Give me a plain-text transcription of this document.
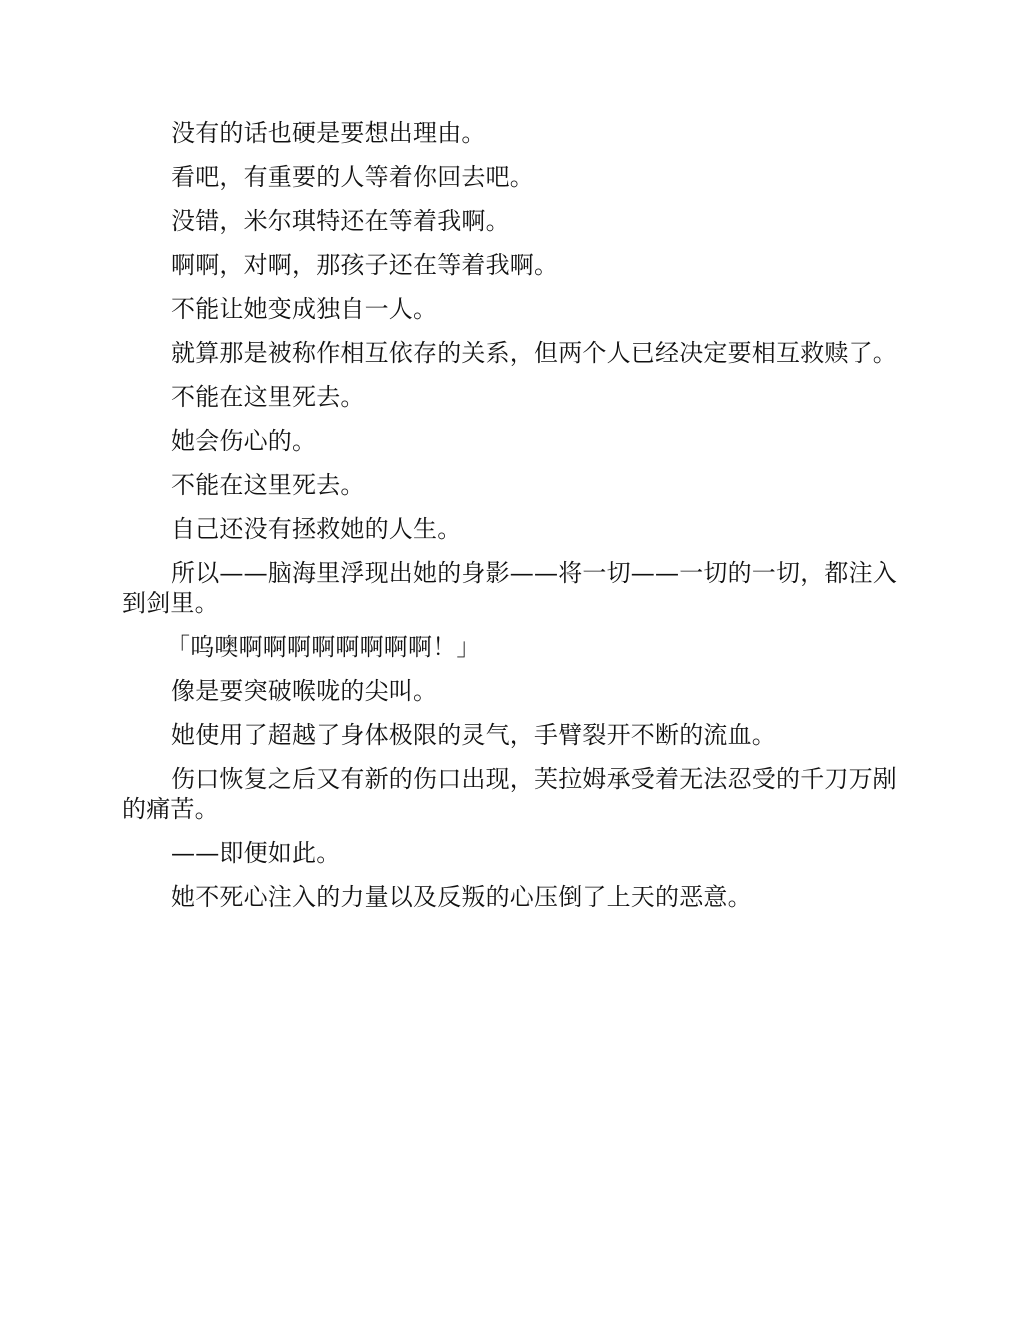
没有的话也硬是要想出理由。

看吧，有重要的人等着你回去吧。

没错，米尔琪特还在等着我啊。

啊啊，对啊，那孩子还在等着我啊。

不能让她变成独自一人。

就算那是被称作相互依存的关系，但两个人已经决定要相互救赎了。

不能在这里死去。

她会伤心的。

不能在这里死去。

自己还没有拯救她的人生。

所以——脑海里浮现出她的身影——将一切——一切的一切，都注入到剑里。

「呜噢啊啊啊啊啊啊啊啊！」

像是要突破喉咙的尖叫。

她使用了超越了身体极限的灵气，手臂裂开不断的流血。

伤口恢复之后又有新的伤口出现，芙拉姆承受着无法忍受的千刀万剐的痛苦。

——即便如此。

她不死心注入的力量以及反叛的心压倒了上天的恶意。
